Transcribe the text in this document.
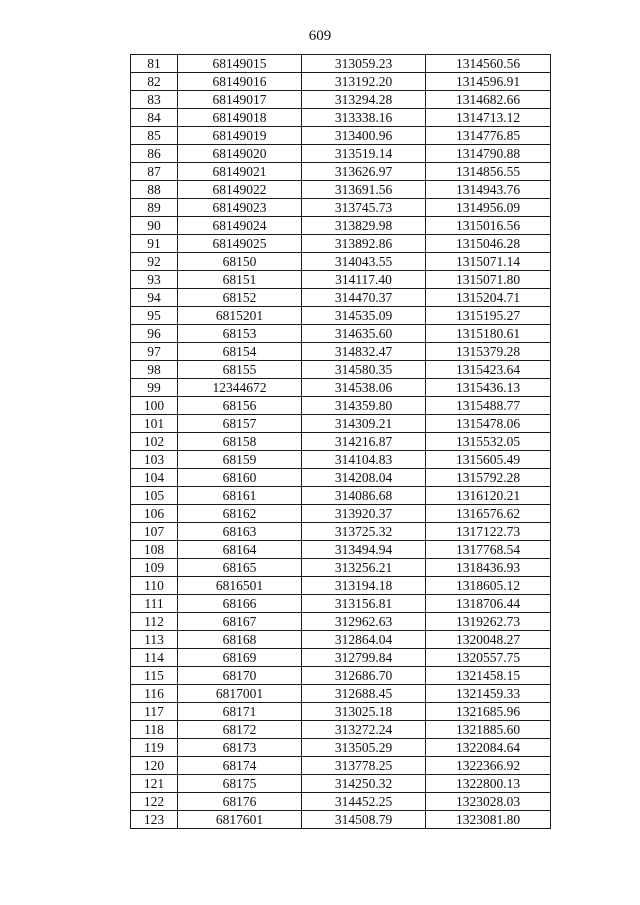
609
81	68149015	313059.23	1314560.56
82	68149016	313192.20	1314596.91
83	68149017	313294.28	1314682.66
84	68149018	313338.16	1314713.12
85	68149019	313400.96	1314776.85
86	68149020	313519.14	1314790.88
87	68149021	313626.97	1314856.55
88	68149022	313691.56	1314943.76
89	68149023	313745.73	1314956.09
90	68149024	313829.98	1315016.56
91	68149025	313892.86	1315046.28
92	68150	314043.55	1315071.14
93	68151	314117.40	1315071.80
94	68152	314470.37	1315204.71
95	6815201	314535.09	1315195.27
96	68153	314635.60	1315180.61
97	68154	314832.47	1315379.28
98	68155	314580.35	1315423.64
99	12344672	314538.06	1315436.13
100	68156	314359.80	1315488.77
101	68157	314309.21	1315478.06
102	68158	314216.87	1315532.05
103	68159	314104.83	1315605.49
104	68160	314208.04	1315792.28
105	68161	314086.68	1316120.21
106	68162	313920.37	1316576.62
107	68163	313725.32	1317122.73
108	68164	313494.94	1317768.54
109	68165	313256.21	1318436.93
110	6816501	313194.18	1318605.12
111	68166	313156.81	1318706.44
112	68167	312962.63	1319262.73
113	68168	312864.04	1320048.27
114	68169	312799.84	1320557.75
115	68170	312686.70	1321458.15
116	6817001	312688.45	1321459.33
117	68171	313025.18	1321685.96
118	68172	313272.24	1321885.60
119	68173	313505.29	1322084.64
120	68174	313778.25	1322366.92
121	68175	314250.32	1322800.13
122	68176	314452.25	1323028.03
123	6817601	314508.79	1323081.80
